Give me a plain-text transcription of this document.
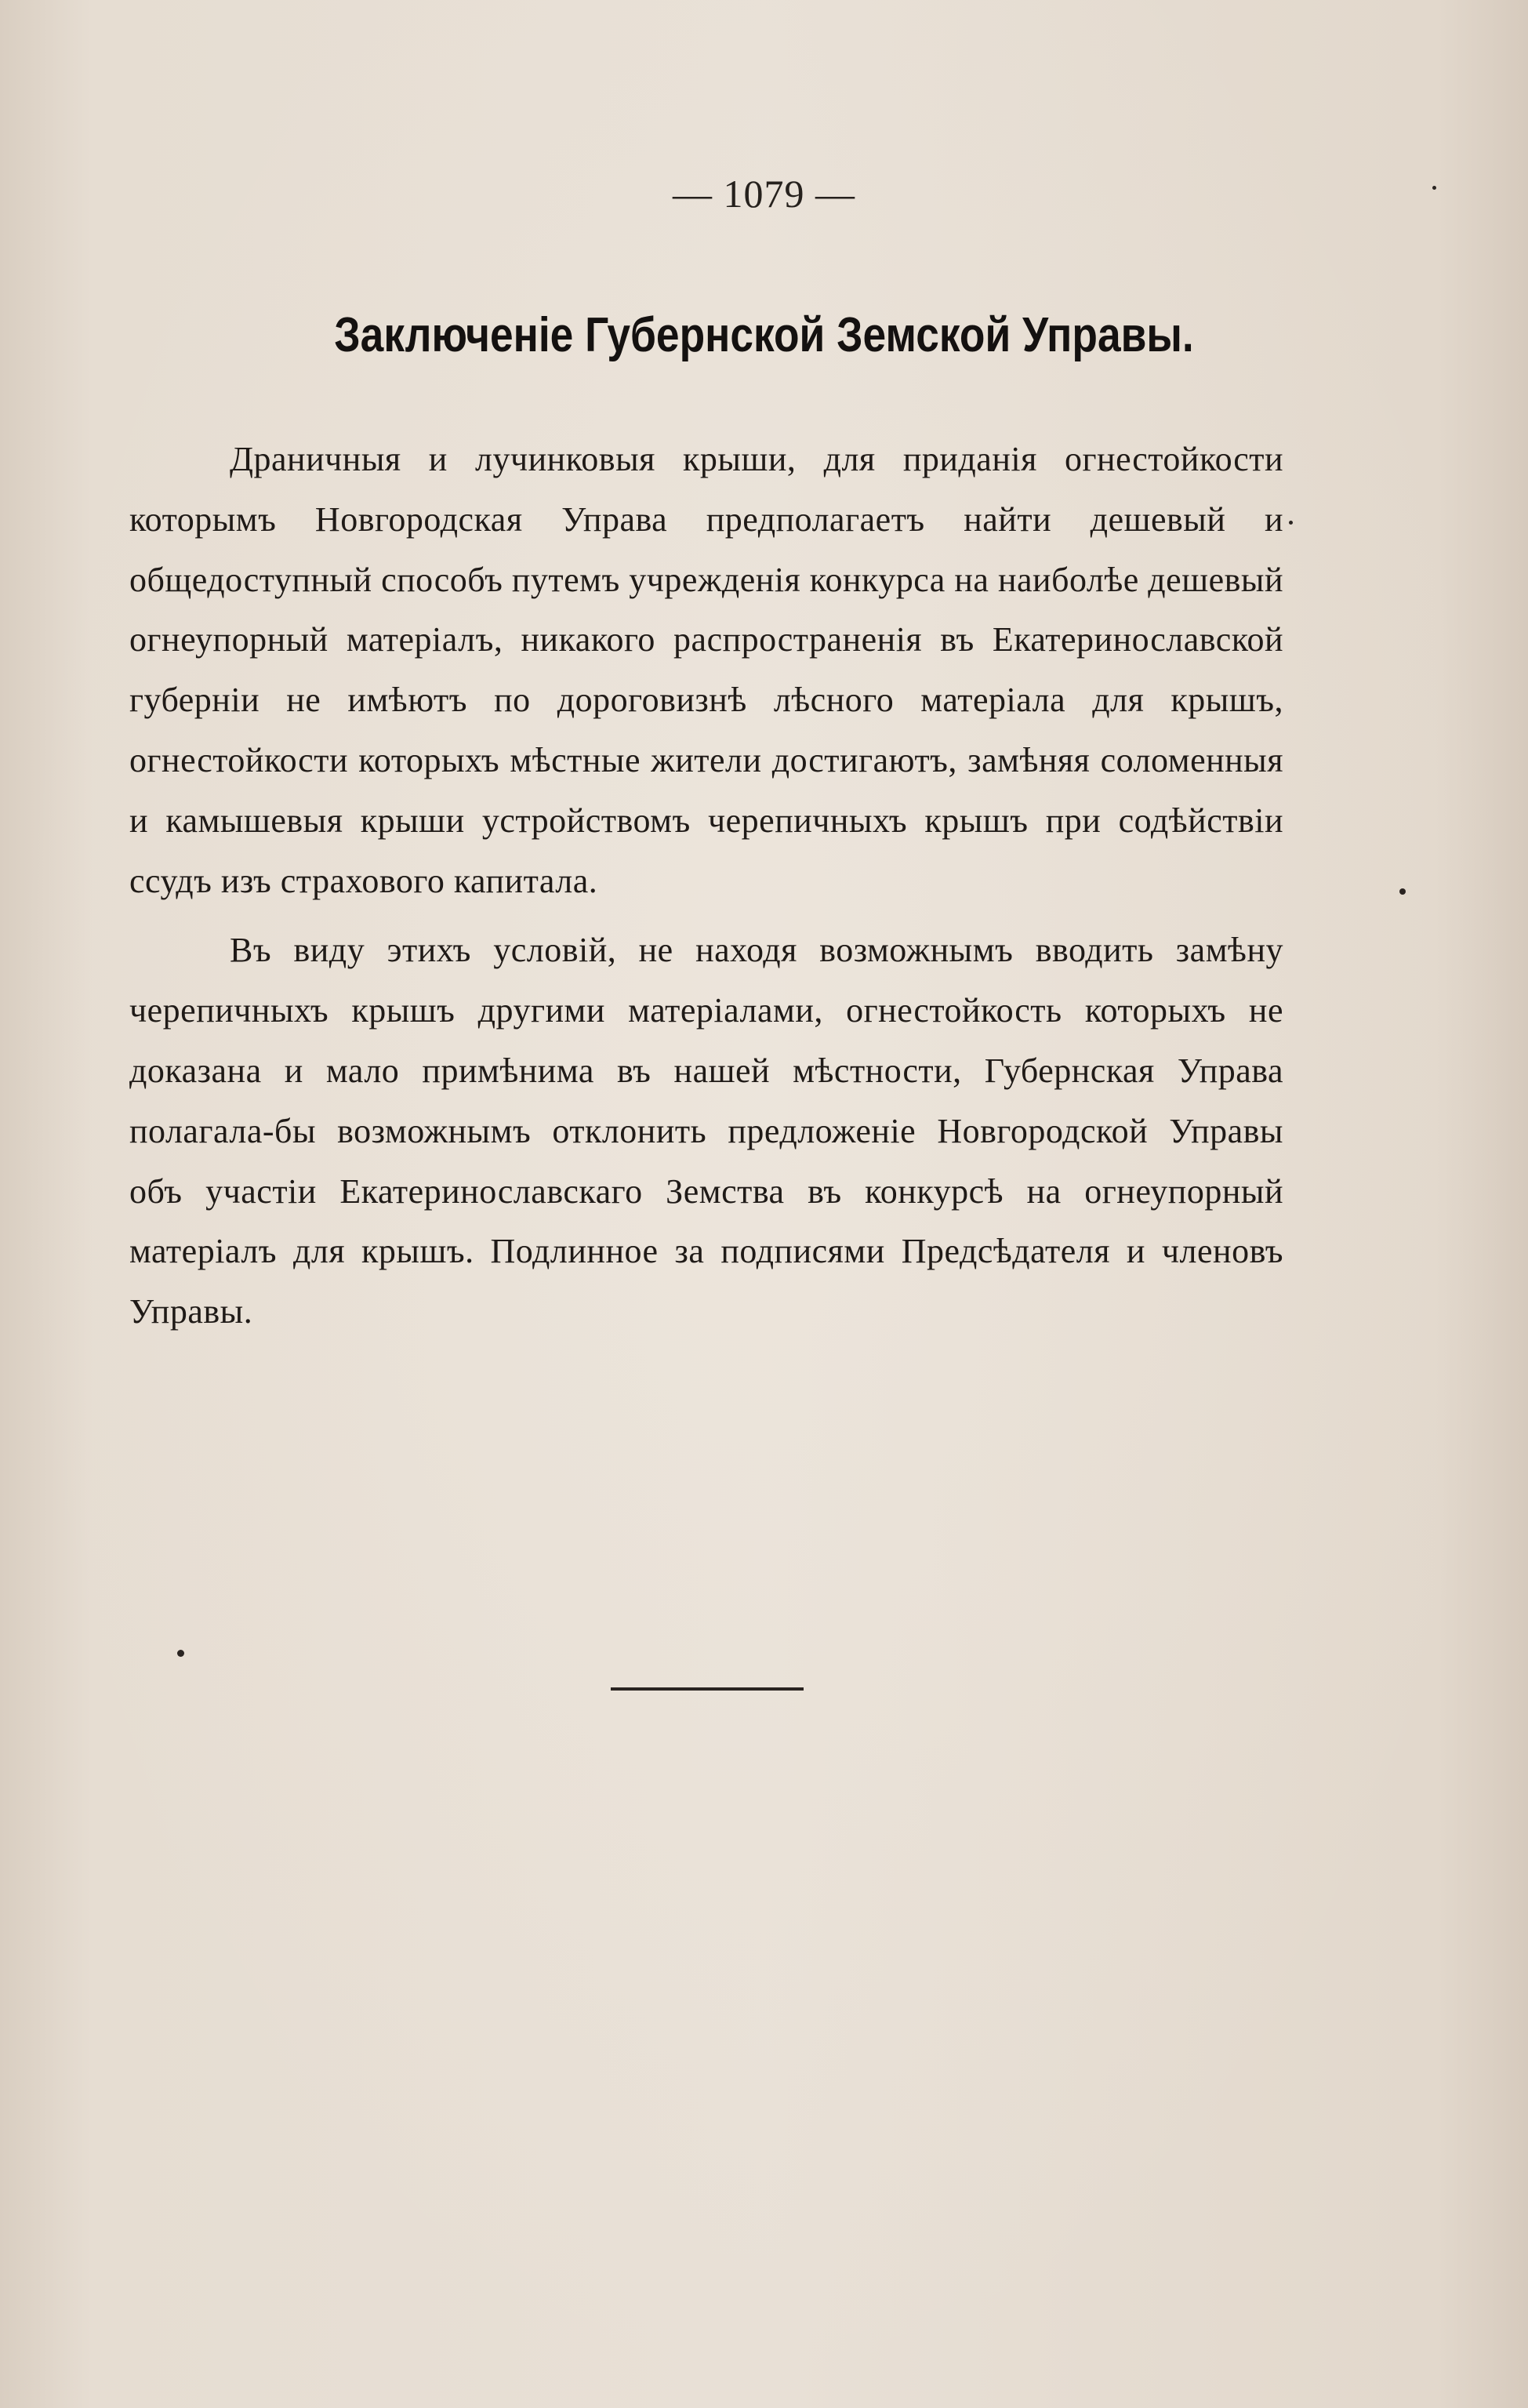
— 1079 —
Заключенiе Губернской Земской Управы.

Драничныя и лучинковыя крыши, для приданiя огнестойкости которымъ Новгородская Управа предполагаетъ найти дешевый и общедоступный способъ путемъ учрежденiя конкурса на наиболѣе дешевый огнеупорный матерiалъ, никакого распространенiя въ Екатеринославской губернiи не имѣютъ по дороговизнѣ лѣсного матерiала для крышъ, огнестойкости которыхъ мѣстные жители достигаютъ, замѣняя соломенныя и камышевыя крыши устройствомъ черепичныхъ крышъ при содѣйствiи ссудъ изъ страхового капитала.

Въ виду этихъ условiй, не находя возможнымъ вводить замѣну черепичныхъ крышъ другими матерiалами, огнестойкость которыхъ не доказана и мало примѣнима въ нашей мѣстности, Губернская Управа полагала-бы возможнымъ отклонить предложенiе Новгородской Управы объ участiи Екатеринославскаго Земства въ конкурсѣ на огнеупорный матерiалъ для крышъ. Подлинное за подписями Предсѣдателя и членовъ Управы.
